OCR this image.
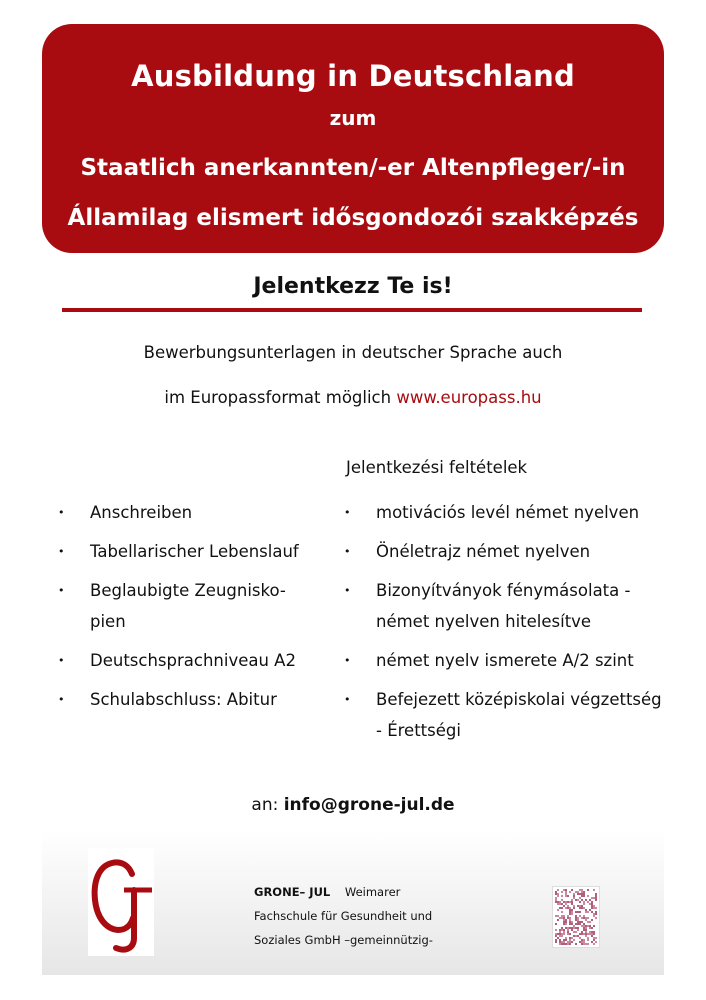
Ausbildung in Deutschland
zum
Staatlich anerkannten/-er Altenpfleger/-in
Államilag elismert idősgondozói szakképzés
Jelentkezz Te is!
Bewerbungsunterlagen in deutscher Sprache auch
im Europassformat möglich www.europass.hu
Jelentkezési feltételek
• Anschreiben
• Tabellarischer Lebenslauf
• Beglaubigte Zeugnisko-
pien
• Deutschsprachniveau A2
• Schulabschluss: Abitur
• motivációs levél német nyelven
• Önéletrajz német nyelven
• Bizonyítványok fénymásolata -
német nyelven hitelesítve
• német nyelv ismerete A/2 szint
• Befejezett középiskolai végzettség
- Érettségi
an: info@grone-jul.de
GRONE– JUL Weimarer
Fachschule für Gesundheit und
Soziales GmbH –gemeinnützig-
